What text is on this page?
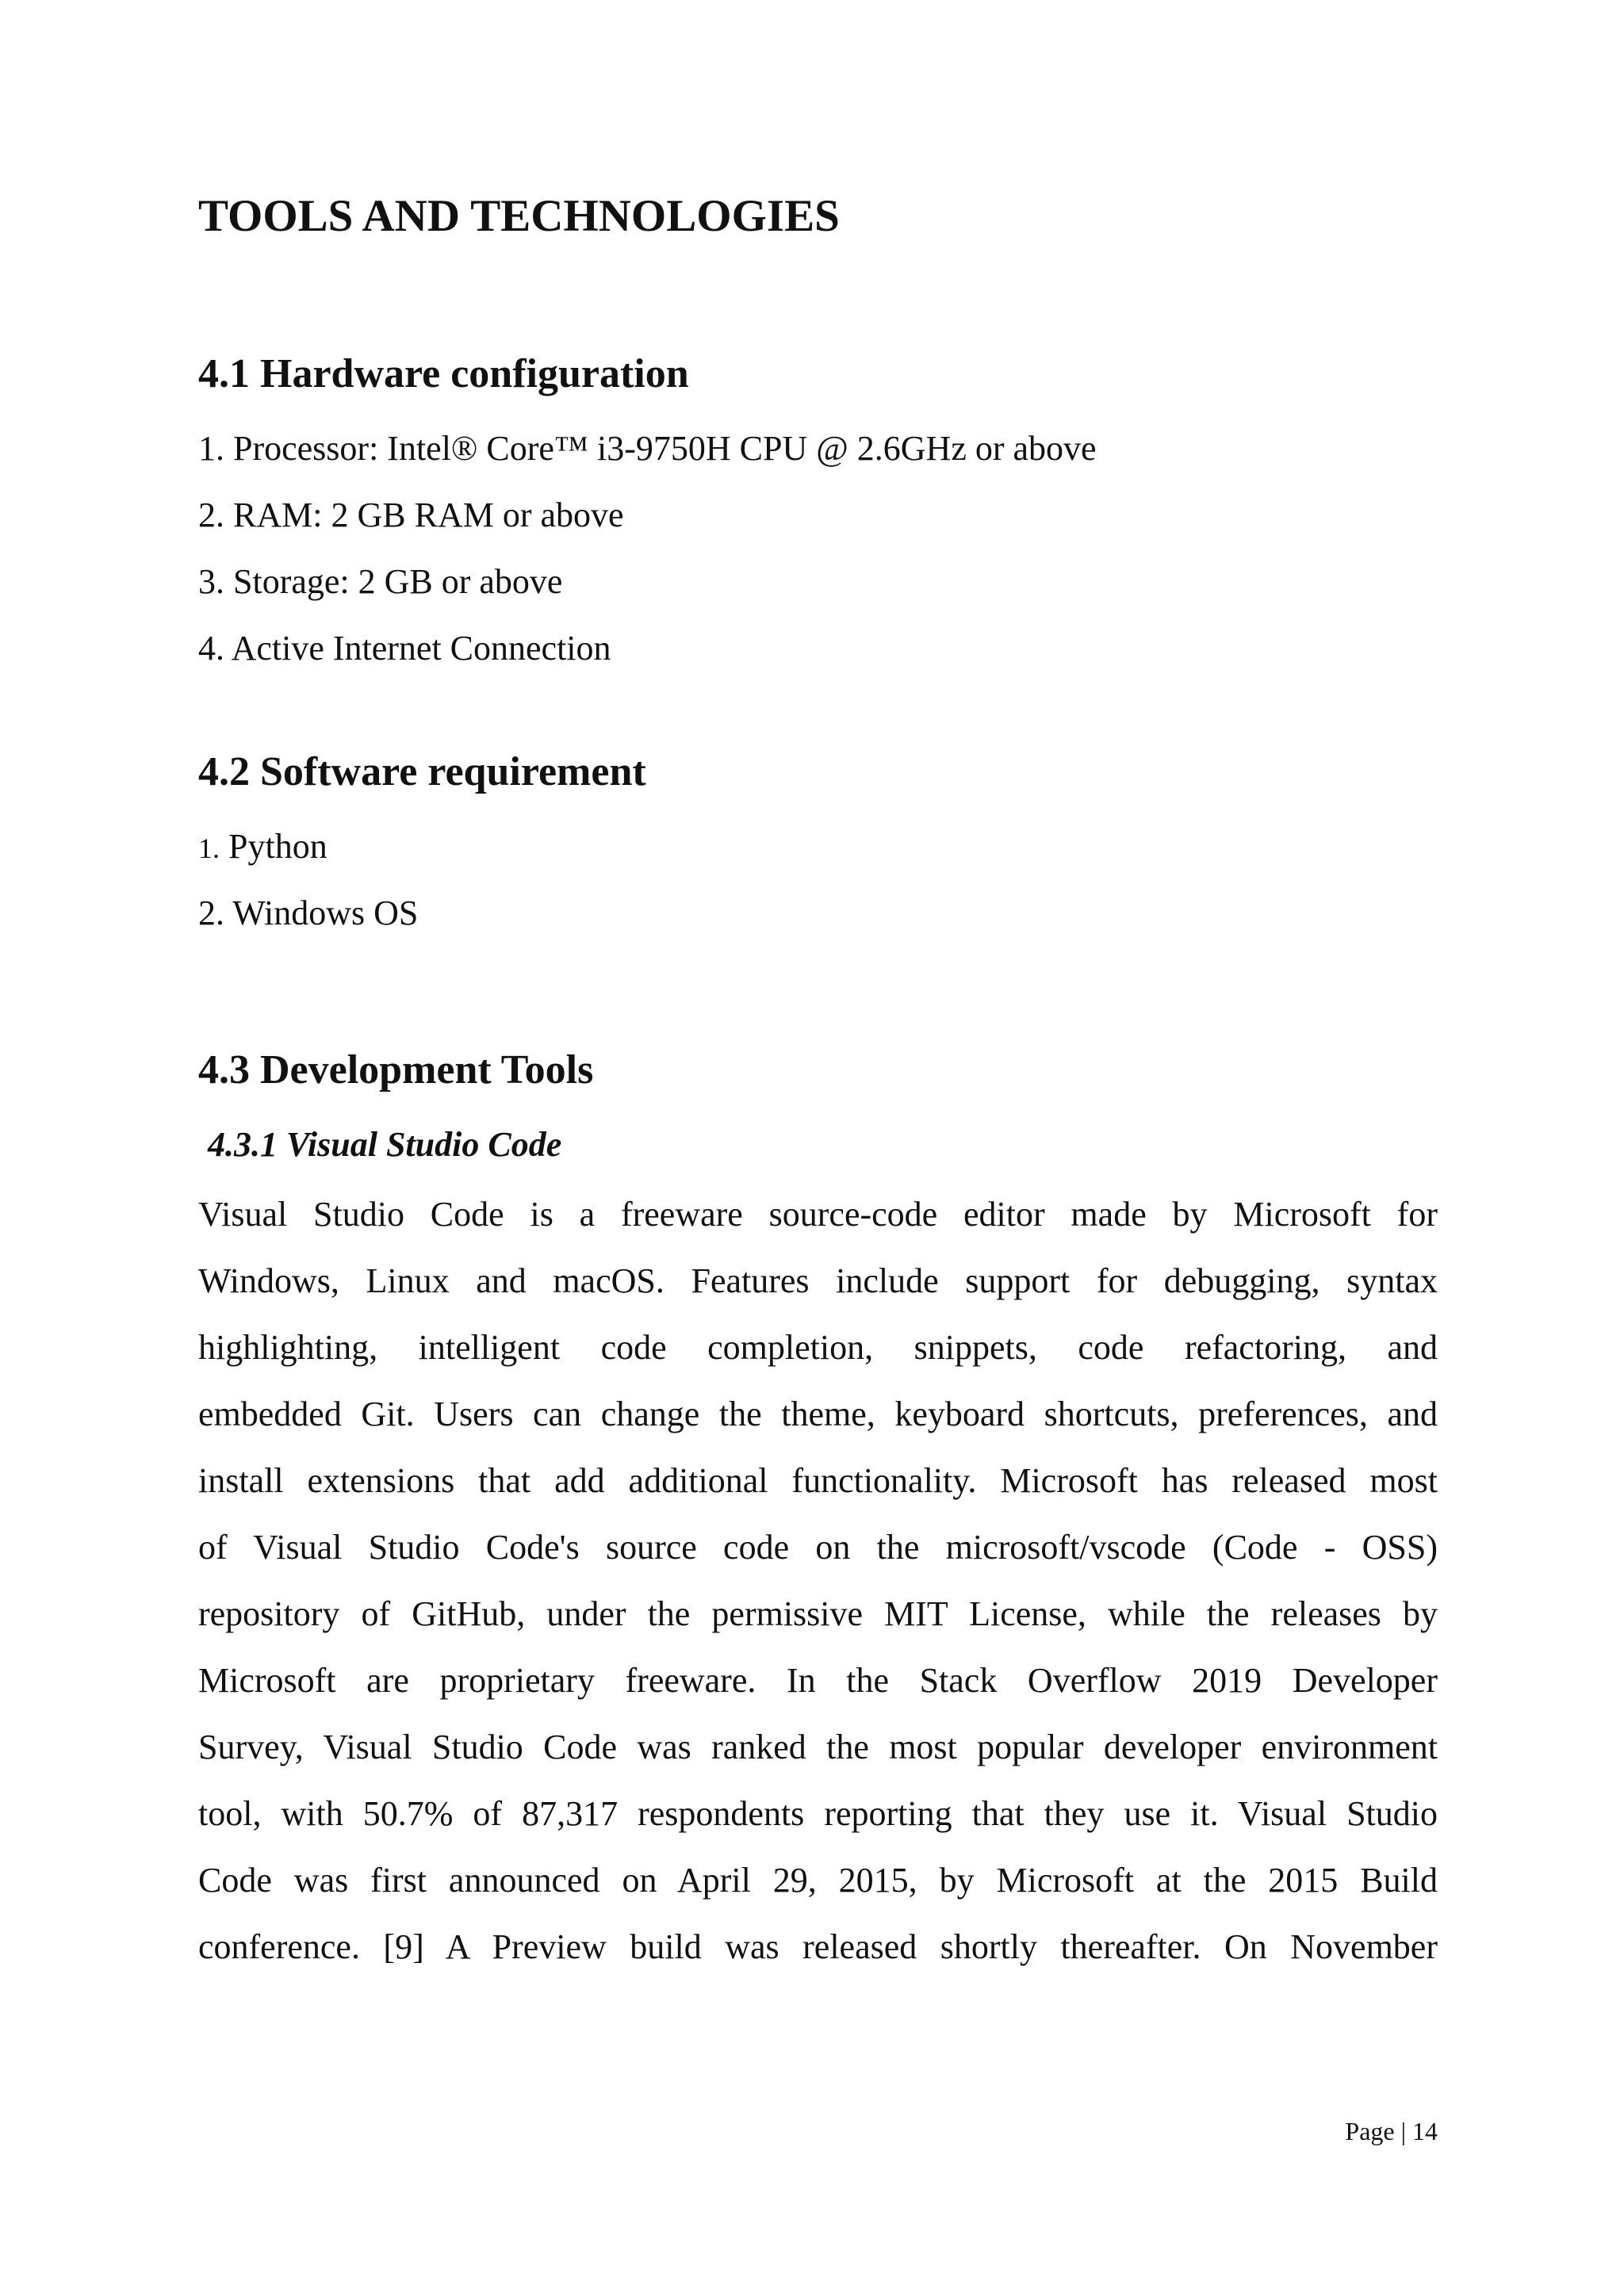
TOOLS AND TECHNOLOGIES
4.1 Hardware configuration
1. Processor: Intel® Core™ i3-9750H CPU @ 2.6GHz or above
2. RAM: 2 GB RAM or above
3. Storage: 2 GB or above
4. Active Internet Connection
4.2 Software requirement
1. Python
2. Windows OS
4.3 Development Tools
4.3.1 Visual Studio Code
Visual Studio Code is a freeware source-code editor made by Microsoft for
Windows, Linux and macOS. Features include support for debugging, syntax
highlighting, intelligent code completion, snippets, code refactoring, and
embedded Git. Users can change the theme, keyboard shortcuts, preferences, and
install extensions that add additional functionality. Microsoft has released most
of Visual Studio Code's source code on the microsoft/vscode (Code - OSS)
repository of GitHub, under the permissive MIT License, while the releases by
Microsoft are proprietary freeware. In the Stack Overflow 2019 Developer
Survey, Visual Studio Code was ranked the most popular developer environment
tool, with 50.7% of 87,317 respondents reporting that they use it. Visual Studio
Code was first announced on April 29, 2015, by Microsoft at the 2015 Build
conference. [9] A Preview build was released shortly thereafter. On November
Page | 14
